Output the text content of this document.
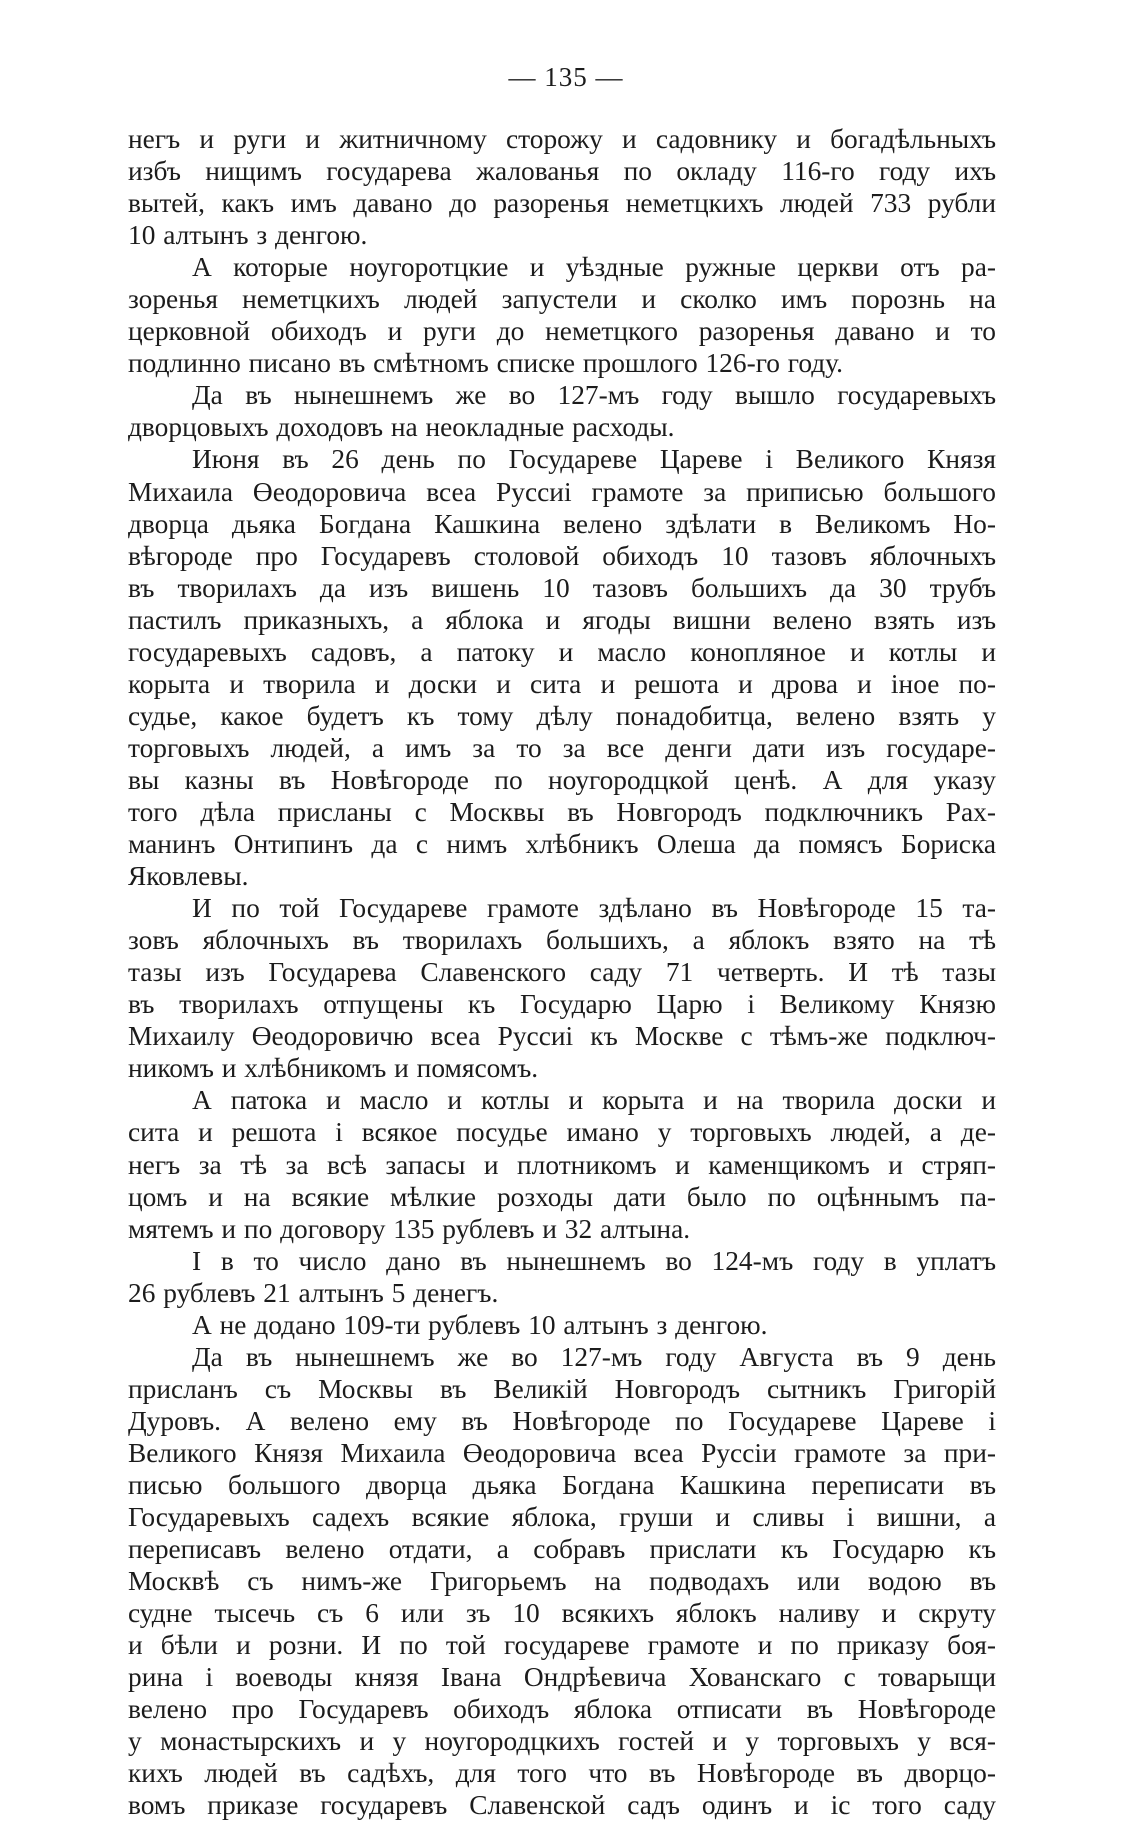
— 135 —

негъ и руги и житничному сторожу и садовнику и богадѣльныхъ

избъ нищимъ государева жалованья по окладу 116-го году ихъ

вытей, какъ имъ давано до разоренья неметцкихъ людей 733 рубли

10 алтынъ з денгою.

А которые ноугоротцкие и уѣздные ружные церкви отъ ра-

зоренья неметцкихъ людей запустели и сколко имъ порознь на

церковной обиходъ и руги до неметцкого разоренья давано и то

подлинно писано въ смѣтномъ списке прошлого 126-го году.

Да въ нынешнемъ же во 127-мъ году вышло государевыхъ

дворцовыхъ доходовъ на неокладные расходы.

Июня въ 26 день по Государеве Цареве і Великого Князя

Михаила Өеодоровича всеа Руссиі грамоте за приписью большого

дворца дьяка Богдана Кашкина велено здѣлати в Великомъ Но-

вѣгороде про Государевъ столовой обиходъ 10 тазовъ яблочныхъ

въ творилахъ да изъ вишень 10 тазовъ большихъ да 30 трубъ

пастилъ приказныхъ, а яблока и ягоды вишни велено взять изъ

государевыхъ садовъ, а патоку и масло конопляное и котлы и

корыта и творила и доски и сита и решота и дрова и іное по-

судье, какое будетъ къ тому дѣлу понадобитца, велено взять у

торговыхъ людей, а имъ за то за все денги дати изъ государе-

вы казны въ Новѣгороде по ноугородцкой ценѣ. А для указу

того дѣла присланы с Москвы въ Новгородъ подключникъ Рах-

манинъ Онтипинъ да с нимъ хлѣбникъ Олеша да помясъ Бориска

Яковлевы.

И по той Государеве грамоте здѣлано въ Новѣгороде 15 та-

зовъ яблочныхъ въ творилахъ большихъ, а яблокъ взято на тѣ

тазы изъ Государева Славенского саду 71 четверть. И тѣ тазы

въ творилахъ отпущены къ Государю Царю і Великому Князю

Михаилу Өеодоровичю всеа Руссиі къ Москве с тѣмъ-же подключ-

никомъ и хлѣбникомъ и помясомъ.

А патока и масло и котлы и корыта и на творила доски и

сита и решота і всякое посудье имано у торговыхъ людей, а де-

негъ за тѣ за всѣ запасы и плотникомъ и каменщикомъ и стряп-

цомъ и на всякие мѣлкие розходы дати было по оцѣннымъ па-

мятемъ и по договору 135 рублевъ и 32 алтына.

І в то число дано въ нынешнемъ во 124-мъ году в уплатъ

26 рублевъ 21 алтынъ 5 денегъ.

А не додано 109-ти рублевъ 10 алтынъ з денгою.

Да въ нынешнемъ же во 127-мъ году Августа въ 9 день

присланъ съ Москвы въ Великій Новгородъ сытникъ Григорій

Дуровъ. А велено ему въ Новѣгороде по Государеве Цареве і

Великого Князя Михаила Өеодоровича всеа Руссіи грамоте за при-

писью большого дворца дьяка Богдана Кашкина переписати въ

Государевыхъ садехъ всякие яблока, груши и сливы і вишни, а

переписавъ велено отдати, а собравъ прислати къ Государю къ

Москвѣ съ нимъ-же Григорьемъ на подводахъ или водою въ

судне тысечь съ 6 или зъ 10 всякихъ яблокъ наливу и скруту

и бѣли и розни. И по той государеве грамоте и по приказу боя-

рина і воеводы князя Івана Ондрѣевича Хованскаго с товарыщи

велено про Государевъ обиходъ яблока отписати въ Новѣгороде

у монастырскихъ и у ноугородцкихъ гостей и у торговыхъ у вся-

кихъ людей въ садѣхъ, для того что въ Новѣгороде въ дворцо-

вомъ приказе государевъ Славенской садъ одинъ и іс того саду
